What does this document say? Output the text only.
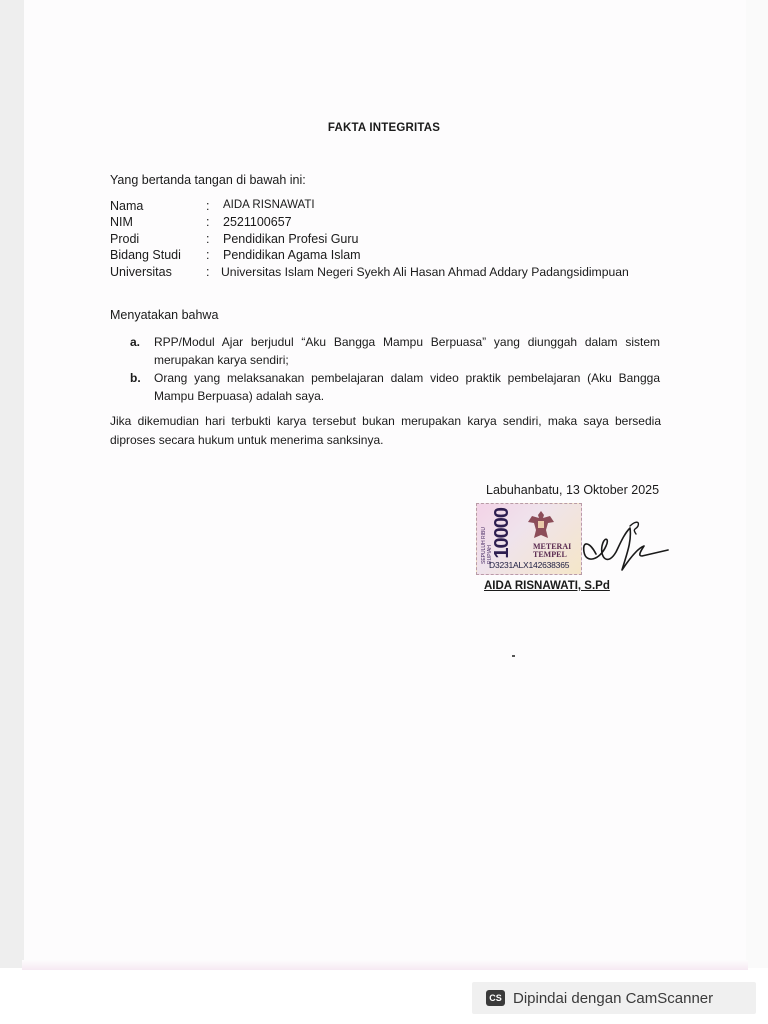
FAKTA INTEGRITAS
Yang bertanda tangan di bawah ini:
Nama	: AIDA RISNAWATI
NIM	: 2521100657
Prodi	: Pendidikan Profesi Guru
Bidang Studi	: Pendidikan Agama Islam
Universitas	: Universitas Islam Negeri Syekh Ali Hasan Ahmad Addary Padangsidimpuan
Menyatakan bahwa
a. RPP/Modul Ajar berjudul “Aku Bangga Mampu Berpuasa” yang diunggah dalam sistem merupakan karya sendiri;
b. Orang yang melaksanakan pembelajaran dalam video praktik pembelajaran (Aku Bangga Mampu Berpuasa) adalah saya.
Jika dikemudian hari terbukti karya tersebut bukan merupakan karya sendiri, maka saya bersedia diproses secara hukum untuk menerima sanksinya.
Labuhanbatu, 13 Oktober 2025
SEPULUH RIBU RUPIAH
10000	METERAI
TEMPEL
D3231ALX142638365
AIDA RISNAWATI, S.Pd
CS Dipindai dengan CamScanner
